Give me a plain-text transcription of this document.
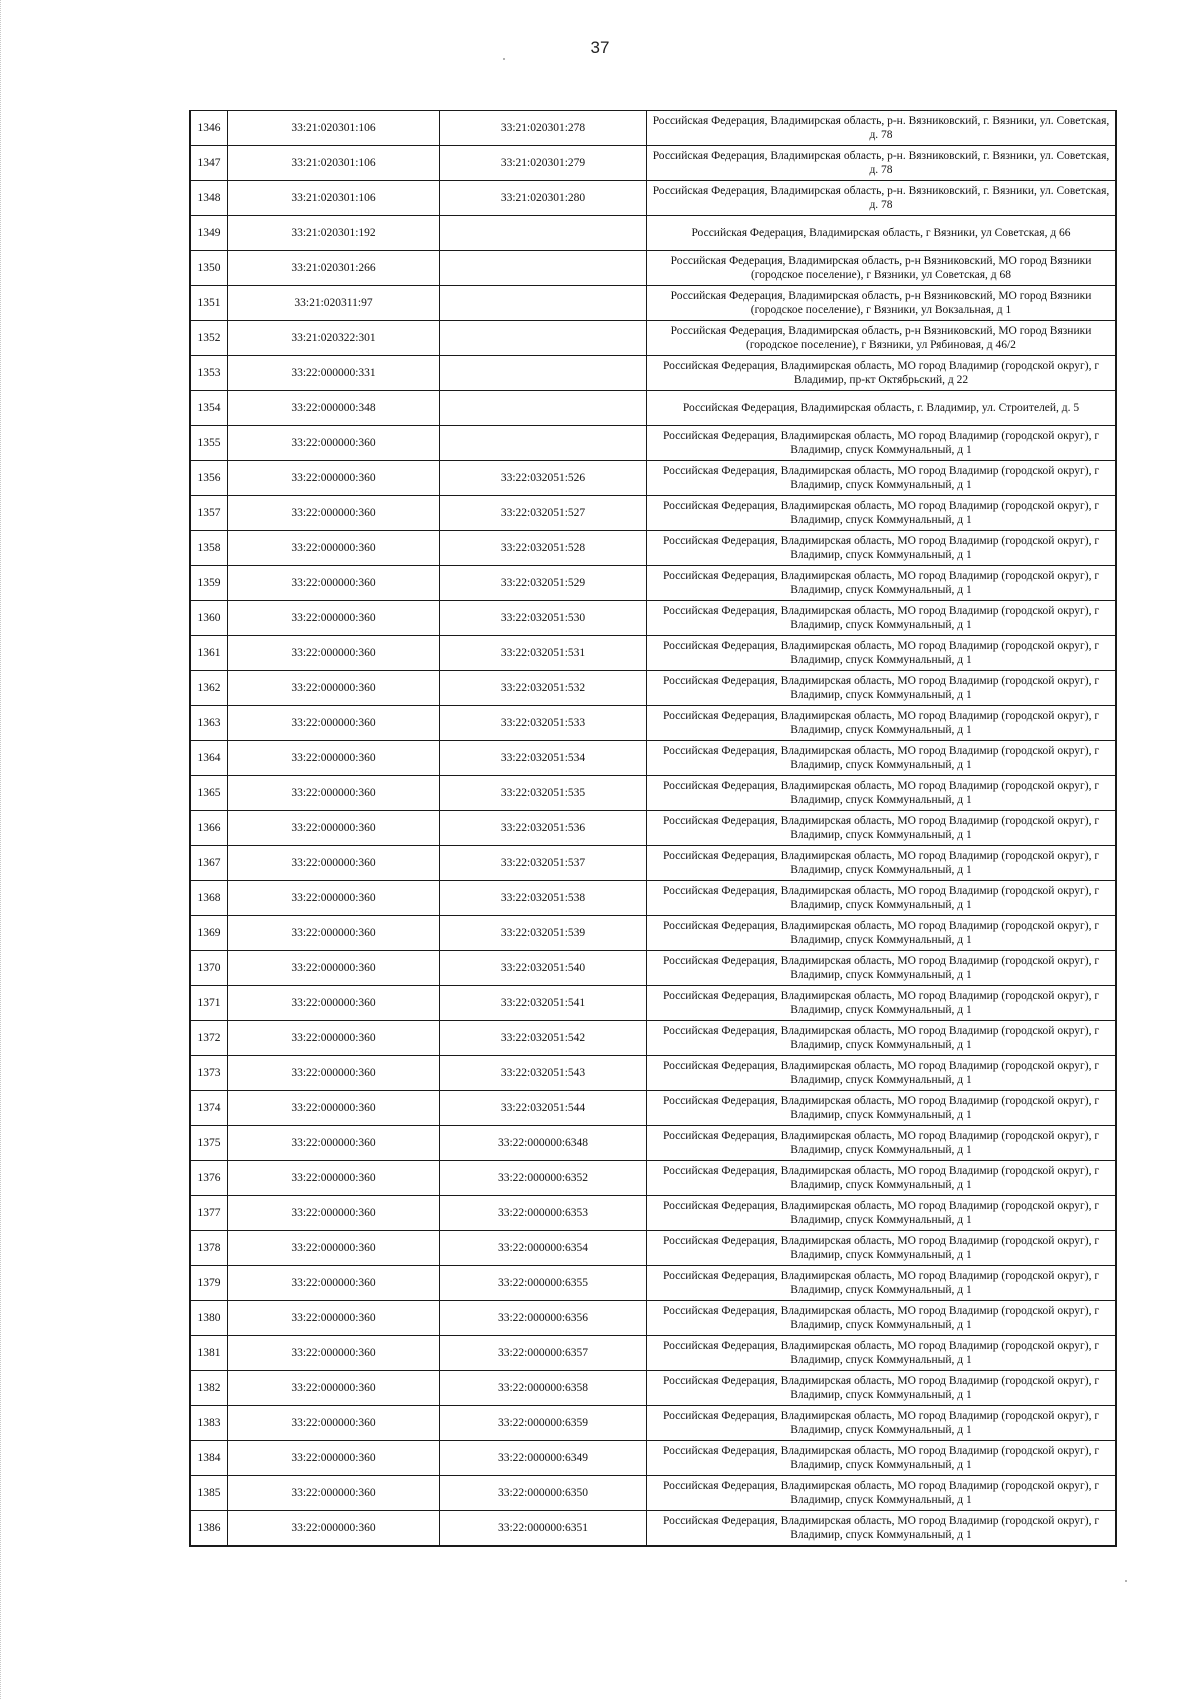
37
1346	33:21:020301:106	33:21:020301:278	Российская Федерация, Владимирская область, р-н. Вязниковский, г. Вязники, ул. Советская, д. 78
1347	33:21:020301:106	33:21:020301:279	Российская Федерация, Владимирская область, р-н. Вязниковский, г. Вязники, ул. Советская, д. 78
1348	33:21:020301:106	33:21:020301:280	Российская Федерация, Владимирская область, р-н. Вязниковский, г. Вязники, ул. Советская, д. 78
1349	33:21:020301:192		Российская Федерация, Владимирская область, г Вязники, ул Советская, д 66
1350	33:21:020301:266		Российская Федерация, Владимирская область, р-н Вязниковский, МО город Вязники (городское поселение), г Вязники, ул Советская, д 68
1351	33:21:020311:97		Российская Федерация, Владимирская область, р-н Вязниковский, МО город Вязники (городское поселение), г Вязники, ул Вокзальная, д 1
1352	33:21:020322:301		Российская Федерация, Владимирская область, р-н Вязниковский, МО город Вязники (городское поселение), г Вязники, ул Рябиновая, д 46/2
1353	33:22:000000:331		Российская Федерация, Владимирская область, МО город Владимир (городской округ), г Владимир, пр-кт Октябрьский, д 22
1354	33:22:000000:348		Российская Федерация, Владимирская область, г. Владимир, ул. Строителей, д. 5
1355	33:22:000000:360		Российская Федерация, Владимирская область, МО город Владимир (городской округ), г Владимир, спуск Коммунальный, д 1
1356	33:22:000000:360	33:22:032051:526	Российская Федерация, Владимирская область, МО город Владимир (городской округ), г Владимир, спуск Коммунальный, д 1
1357	33:22:000000:360	33:22:032051:527	Российская Федерация, Владимирская область, МО город Владимир (городской округ), г Владимир, спуск Коммунальный, д 1
1358	33:22:000000:360	33:22:032051:528	Российская Федерация, Владимирская область, МО город Владимир (городской округ), г Владимир, спуск Коммунальный, д 1
1359	33:22:000000:360	33:22:032051:529	Российская Федерация, Владимирская область, МО город Владимир (городской округ), г Владимир, спуск Коммунальный, д 1
1360	33:22:000000:360	33:22:032051:530	Российская Федерация, Владимирская область, МО город Владимир (городской округ), г Владимир, спуск Коммунальный, д 1
1361	33:22:000000:360	33:22:032051:531	Российская Федерация, Владимирская область, МО город Владимир (городской округ), г Владимир, спуск Коммунальный, д 1
1362	33:22:000000:360	33:22:032051:532	Российская Федерация, Владимирская область, МО город Владимир (городской округ), г Владимир, спуск Коммунальный, д 1
1363	33:22:000000:360	33:22:032051:533	Российская Федерация, Владимирская область, МО город Владимир (городской округ), г Владимир, спуск Коммунальный, д 1
1364	33:22:000000:360	33:22:032051:534	Российская Федерация, Владимирская область, МО город Владимир (городской округ), г Владимир, спуск Коммунальный, д 1
1365	33:22:000000:360	33:22:032051:535	Российская Федерация, Владимирская область, МО город Владимир (городской округ), г Владимир, спуск Коммунальный, д 1
1366	33:22:000000:360	33:22:032051:536	Российская Федерация, Владимирская область, МО город Владимир (городской округ), г Владимир, спуск Коммунальный, д 1
1367	33:22:000000:360	33:22:032051:537	Российская Федерация, Владимирская область, МО город Владимир (городской округ), г Владимир, спуск Коммунальный, д 1
1368	33:22:000000:360	33:22:032051:538	Российская Федерация, Владимирская область, МО город Владимир (городской округ), г Владимир, спуск Коммунальный, д 1
1369	33:22:000000:360	33:22:032051:539	Российская Федерация, Владимирская область, МО город Владимир (городской округ), г Владимир, спуск Коммунальный, д 1
1370	33:22:000000:360	33:22:032051:540	Российская Федерация, Владимирская область, МО город Владимир (городской округ), г Владимир, спуск Коммунальный, д 1
1371	33:22:000000:360	33:22:032051:541	Российская Федерация, Владимирская область, МО город Владимир (городской округ), г Владимир, спуск Коммунальный, д 1
1372	33:22:000000:360	33:22:032051:542	Российская Федерация, Владимирская область, МО город Владимир (городской округ), г Владимир, спуск Коммунальный, д 1
1373	33:22:000000:360	33:22:032051:543	Российская Федерация, Владимирская область, МО город Владимир (городской округ), г Владимир, спуск Коммунальный, д 1
1374	33:22:000000:360	33:22:032051:544	Российская Федерация, Владимирская область, МО город Владимир (городской округ), г Владимир, спуск Коммунальный, д 1
1375	33:22:000000:360	33:22:000000:6348	Российская Федерация, Владимирская область, МО город Владимир (городской округ), г Владимир, спуск Коммунальный, д 1
1376	33:22:000000:360	33:22:000000:6352	Российская Федерация, Владимирская область, МО город Владимир (городской округ), г Владимир, спуск Коммунальный, д 1
1377	33:22:000000:360	33:22:000000:6353	Российская Федерация, Владимирская область, МО город Владимир (городской округ), г Владимир, спуск Коммунальный, д 1
1378	33:22:000000:360	33:22:000000:6354	Российская Федерация, Владимирская область, МО город Владимир (городской округ), г Владимир, спуск Коммунальный, д 1
1379	33:22:000000:360	33:22:000000:6355	Российская Федерация, Владимирская область, МО город Владимир (городской округ), г Владимир, спуск Коммунальный, д 1
1380	33:22:000000:360	33:22:000000:6356	Российская Федерация, Владимирская область, МО город Владимир (городской округ), г Владимир, спуск Коммунальный, д 1
1381	33:22:000000:360	33:22:000000:6357	Российская Федерация, Владимирская область, МО город Владимир (городской округ), г Владимир, спуск Коммунальный, д 1
1382	33:22:000000:360	33:22:000000:6358	Российская Федерация, Владимирская область, МО город Владимир (городской округ), г Владимир, спуск Коммунальный, д 1
1383	33:22:000000:360	33:22:000000:6359	Российская Федерация, Владимирская область, МО город Владимир (городской округ), г Владимир, спуск Коммунальный, д 1
1384	33:22:000000:360	33:22:000000:6349	Российская Федерация, Владимирская область, МО город Владимир (городской округ), г Владимир, спуск Коммунальный, д 1
1385	33:22:000000:360	33:22:000000:6350	Российская Федерация, Владимирская область, МО город Владимир (городской округ), г Владимир, спуск Коммунальный, д 1
1386	33:22:000000:360	33:22:000000:6351	Российская Федерация, Владимирская область, МО город Владимир (городской округ), г Владимир, спуск Коммунальный, д 1
